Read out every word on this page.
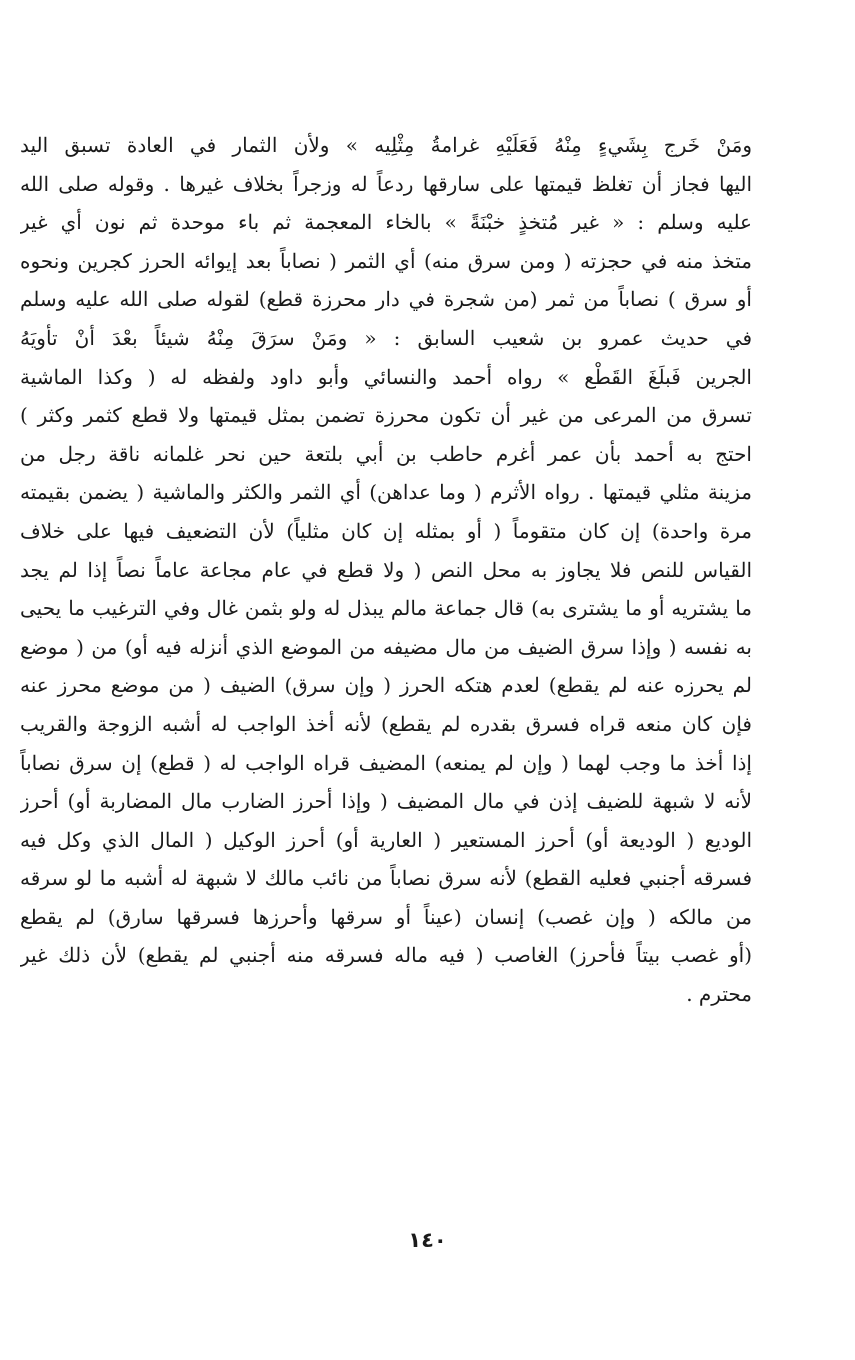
ومَنْ خَرج بِشَيءٍ مِنْهُ فَعَلَيْهِ غرامةُ مِثْلِيه » ولأن الثمار في العادة تسبق اليد
اليها فجاز أن تغلظ قيمتها على سارقها ردعاً له وزجراً بخلاف غيرها . وقوله صلى الله
عليه وسلم : « غير مُتخذٍ خبْنَةً » بالخاء المعجمة ثم باء موحدة ثم نون أي غير
متخذ منه في حجزته ( ومن سرق منه) أي الثمر ( نصاباً بعد إيوائه الحرز كجرين ونحوه
أو سرق ) نصاباً من ثمر (من شجرة في دار محرزة قطع) لقوله صلى الله عليه وسلم
في حديث عمرو بن شعيب السابق : « ومَنْ سرَقَ مِنْهُ شيئاً بعْدَ أنْ تأويَهُ
الجرين فَبلَغَ القَطْع » رواه أحمد والنسائي وأبو داود ولفظه له ( وكذا الماشية
تسرق من المرعى من غير أن تكون محرزة تضمن بمثل قيمتها ولا قطع كثمر وكثر )
احتج به أحمد بأن عمر أغرم حاطب بن أبي بلتعة حين نحر غلمانه ناقة رجل من
مزينة مثلي قيمتها . رواه الأثرم ( وما عداهن) أي الثمر والكثر والماشية ( يضمن بقيمته
مرة واحدة) إن كان متقوماً ( أو بمثله إن كان مثلياً) لأن التضعيف فيها على خلاف
القياس للنص فلا يجاوز به محل النص ( ولا قطع في عام مجاعة عاماً نصاً إذا لم يجد
ما يشتريه أو ما يشترى به) قال جماعة مالم يبذل له ولو بثمن غال وفي الترغيب ما يحيى
به نفسه ( وإذا سرق الضيف من مال مضيفه من الموضع الذي أنزله فيه أو) من ( موضع
لم يحرزه عنه لم يقطع) لعدم هتكه الحرز ( وإن سرق) الضيف ( من موضع محرز عنه
فإن كان منعه قراه فسرق بقدره لم يقطع) لأنه أخذ الواجب له أشبه الزوجة والقريب
إذا أخذ ما وجب لهما ( وإن لم يمنعه) المضيف قراه الواجب له ( قطع) إن سرق نصاباً
لأنه لا شبهة للضيف إذن في مال المضيف ( وإذا أحرز الضارب مال المضاربة أو) أحرز
الوديع ( الوديعة أو) أحرز المستعير ( العارية أو) أحرز الوكيل ( المال الذي وكل فيه
فسرقه أجنبي فعليه القطع) لأنه سرق نصاباً من نائب مالك لا شبهة له أشبه ما لو سرقه
من مالكه ( وإن غصب) إنسان (عيناً أو سرقها وأحرزها فسرقها سارق) لم يقطع
(أو غصب بيتاً فأحرز) الغاصب ( فيه ماله فسرقه منه أجنبي لم يقطع) لأن ذلك غير
محترم .
١٤٠
